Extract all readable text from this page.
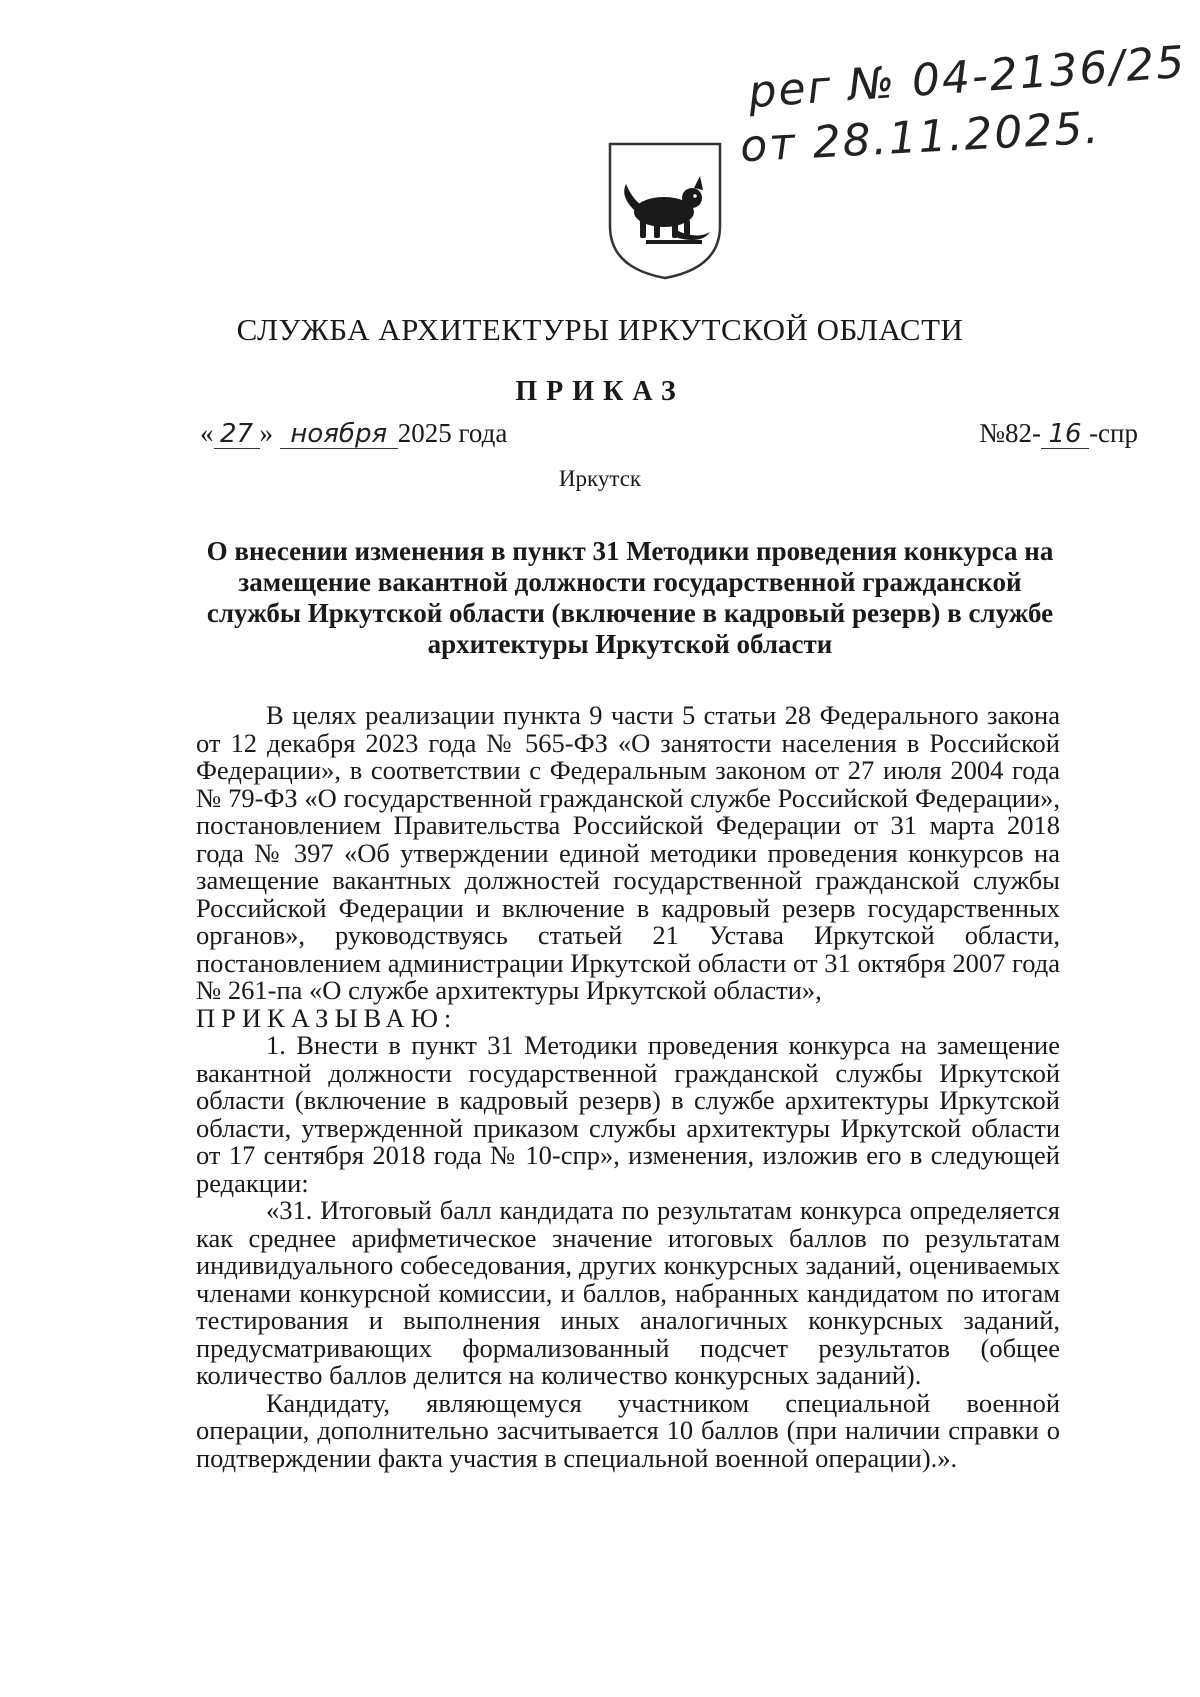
рег № 04-2136/25
от 28.11.2025.
СЛУЖБА АРХИТЕКТУРЫ ИРКУТСКОЙ ОБЛАСТИ
ПРИКАЗ
« 27 » ноября 2025 года	№82- 16 -спр
Иркутск
О внесении изменения в пункт 31 Методики проведения конкурса на замещение вакантной должности государственной гражданской службы Иркутской области (включение в кадровый резерв) в службе архитектуры Иркутской области

В целях реализации пункта 9 части 5 статьи 28 Федерального закона от 12 декабря 2023 года № 565-ФЗ «О занятости населения в Российской Федерации», в соответствии с Федеральным законом от 27 июля 2004 года № 79-ФЗ «О государственной гражданской службе Российской Федерации», постановлением Правительства Российской Федерации от 31 марта 2018 года № 397 «Об утверждении единой методики проведения конкурсов на замещение вакантных должностей государственной гражданской службы Российской Федерации и включение в кадровый резерв государственных органов», руководствуясь статьей 21 Устава Иркутской области, постановлением администрации Иркутской области от 31 октября 2007 года № 261-па «О службе архитектуры Иркутской области»,

ПРИКАЗЫВАЮ:

1. Внести в пункт 31 Методики проведения конкурса на замещение вакантной должности государственной гражданской службы Иркутской области (включение в кадровый резерв) в службе архитектуры Иркутской области, утвержденной приказом службы архитектуры Иркутской области от 17 сентября 2018 года № 10-спр», изменения, изложив его в следующей редакции:

«31. Итоговый балл кандидата по результатам конкурса определяется как среднее арифметическое значение итоговых баллов по результатам индивидуального собеседования, других конкурсных заданий, оцениваемых членами конкурсной комиссии, и баллов, набранных кандидатом по итогам тестирования и выполнения иных аналогичных конкурсных заданий, предусматривающих формализованный подсчет результатов (общее количество баллов делится на количество конкурсных заданий).

Кандидату, являющемуся участником специальной военной операции, дополнительно засчитывается 10 баллов (при наличии справки о подтверждении факта участия в специальной военной операции).».
